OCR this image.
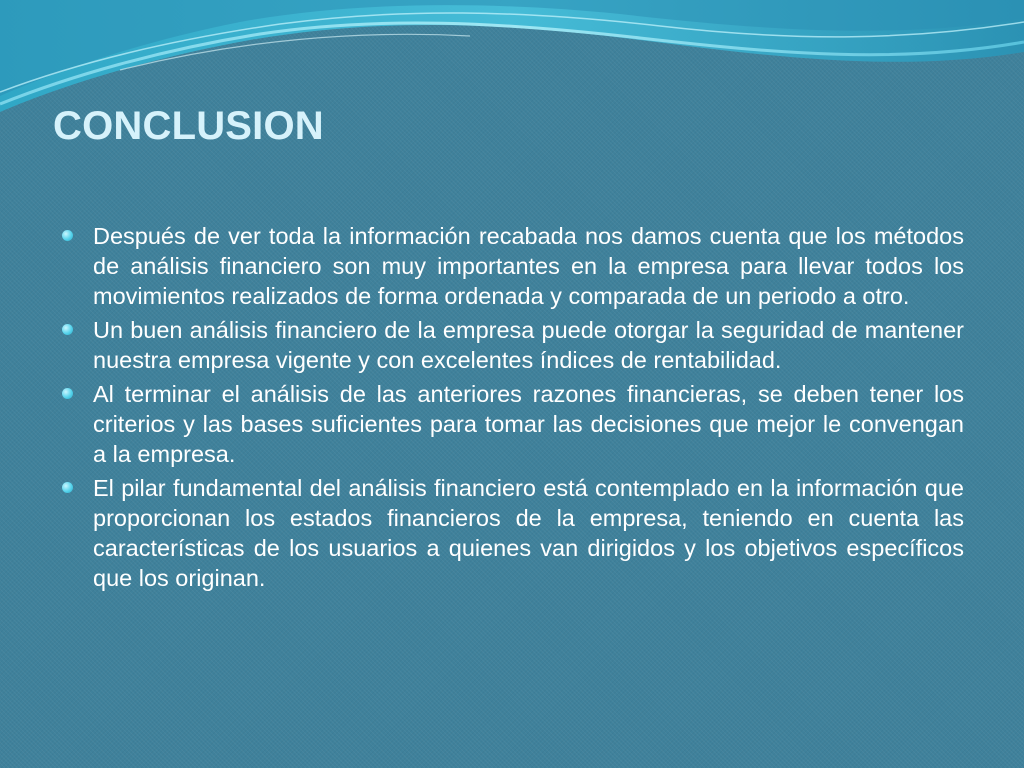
CONCLUSION
Después de ver toda la información recabada nos damos cuenta que los métodos de análisis financiero son muy importantes en la empresa para llevar todos los movimientos realizados de forma ordenada y comparada de un periodo a otro.
Un buen análisis financiero de la empresa puede otorgar la seguridad de mantener nuestra empresa vigente y con excelentes índices de rentabilidad.
Al terminar el análisis de las anteriores razones financieras, se deben tener los criterios y las bases suficientes para tomar las decisiones que mejor le convengan a la empresa.
El pilar fundamental del análisis financiero está contemplado en la información que proporcionan los estados financieros de la empresa, teniendo en cuenta las características de los usuarios a quienes van dirigidos y los objetivos específicos que los originan.
